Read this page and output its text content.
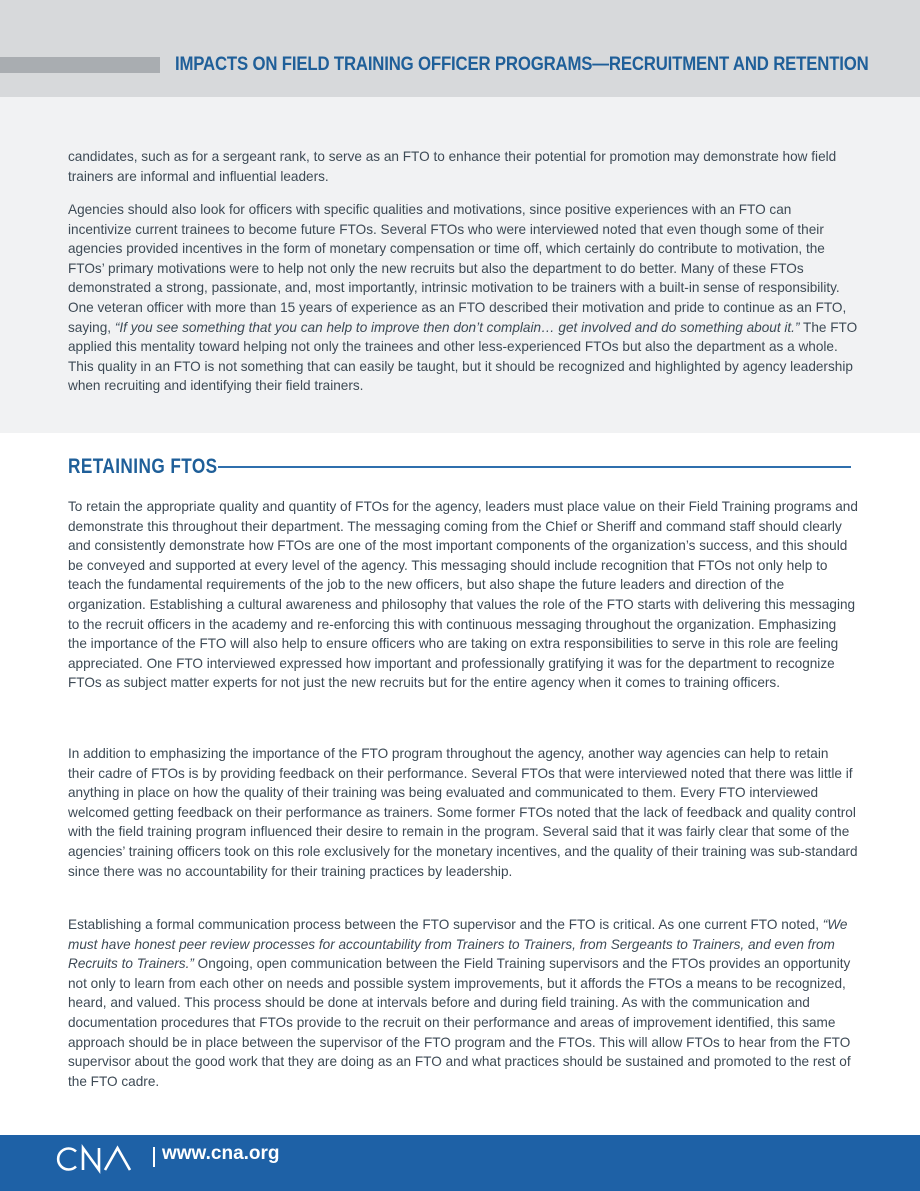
IMPACTS ON FIELD TRAINING OFFICER PROGRAMS—RECRUITMENT AND RETENTION

candidates, such as for a sergeant rank, to serve as an FTO to enhance their potential for promotion may demonstrate how field trainers are informal and influential leaders.

Agencies should also look for officers with specific qualities and motivations, since positive experiences with an FTO can incentivize current trainees to become future FTOs. Several FTOs who were interviewed noted that even though some of their agencies provided incentives in the form of monetary compensation or time off, which certainly do contribute to motivation, the FTOs’ primary motivations were to help not only the new recruits but also the department to do better. Many of these FTOs demonstrated a strong, passionate, and, most importantly, intrinsic motivation to be trainers with a built-in sense of responsibility. One veteran officer with more than 15 years of experience as an FTO described their motivation and pride to continue as an FTO, saying, “If you see something that you can help to improve then don’t complain… get involved and do something about it.” The FTO applied this mentality toward helping not only the trainees and other less-experienced FTOs but also the department as a whole. This quality in an FTO is not something that can easily be taught, but it should be recognized and highlighted by agency leadership when recruiting and identifying their field trainers.

RETAINING FTOS

To retain the appropriate quality and quantity of FTOs for the agency, leaders must place value on their Field Training programs and demonstrate this throughout their department. The messaging coming from the Chief or Sheriff and command staff should clearly and consistently demonstrate how FTOs are one of the most important components of the organization’s success, and this should be conveyed and supported at every level of the agency. This messaging should include recognition that FTOs not only help to teach the fundamental requirements of the job to the new officers, but also shape the future leaders and direction of the organization. Establishing a cultural awareness and philosophy that values the role of the FTO starts with delivering this messaging to the recruit officers in the academy and re-enforcing this with continuous messaging throughout the organization. Emphasizing the importance of the FTO will also help to ensure officers who are taking on extra responsibilities to serve in this role are feeling appreciated. One FTO interviewed expressed how important and professionally gratifying it was for the department to recognize FTOs as subject matter experts for not just the new recruits but for the entire agency when it comes to training officers.

In addition to emphasizing the importance of the FTO program throughout the agency, another way agencies can help to retain their cadre of FTOs is by providing feedback on their performance. Several FTOs that were interviewed noted that there was little if anything in place on how the quality of their training was being evaluated and communicated to them. Every FTO interviewed welcomed getting feedback on their performance as trainers. Some former FTOs noted that the lack of feedback and quality control with the field training program influenced their desire to remain in the program. Several said that it was fairly clear that some of the agencies’ training officers took on this role exclusively for the monetary incentives, and the quality of their training was sub-standard since there was no accountability for their training practices by leadership.

Establishing a formal communication process between the FTO supervisor and the FTO is critical. As one current FTO noted, “We must have honest peer review processes for accountability from Trainers to Trainers, from Sergeants to Trainers, and even from Recruits to Trainers.” Ongoing, open communication between the Field Training supervisors and the FTOs provides an opportunity not only to learn from each other on needs and possible system improvements, but it affords the FTOs a means to be recognized, heard, and valued. This process should be done at intervals before and during field training. As with the communication and documentation procedures that FTOs provide to the recruit on their performance and areas of improvement identified, this same approach should be in place between the supervisor of the FTO program and the FTOs. This will allow FTOs to hear from the FTO supervisor about the good work that they are doing as an FTO and what practices should be sustained and promoted to the rest of the FTO cadre.

www.cna.org
